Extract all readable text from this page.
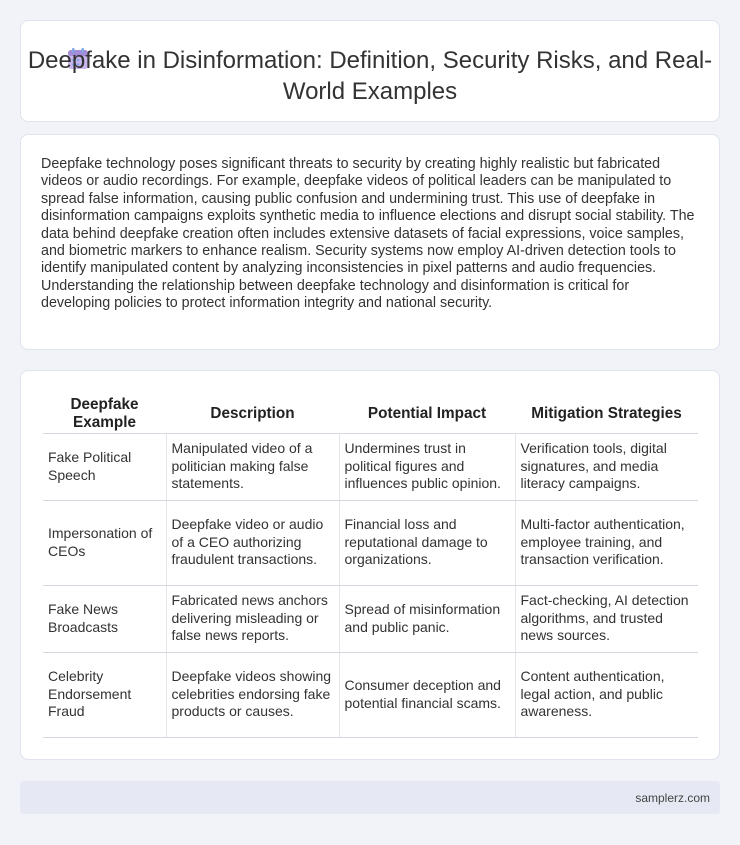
Deepfake in Disinformation: Definition, Security Risks, and Real-World Examples

Deepfake technology poses significant threats to security by creating highly realistic but fabricated videos or audio recordings. For example, deepfake videos of political leaders can be manipulated to spread false information, causing public confusion and undermining trust. This use of deepfake in disinformation campaigns exploits synthetic media to influence elections and disrupt social stability. The data behind deepfake creation often includes extensive datasets of facial expressions, voice samples, and biometric markers to enhance realism. Security systems now employ AI-driven detection tools to identify manipulated content by analyzing inconsistencies in pixel patterns and audio frequencies. Understanding the relationship between deepfake technology and disinformation is critical for developing policies to protect information integrity and national security.

Deepfake Example	Description	Potential Impact	Mitigation Strategies
Fake Political Speech	Manipulated video of a politician making false statements.	Undermines trust in political figures and influences public opinion.	Verification tools, digital signatures, and media literacy campaigns.
Impersonation of CEOs	Deepfake video or audio of a CEO authorizing fraudulent transactions.	Financial loss and reputational damage to organizations.	Multi-factor authentication, employee training, and transaction verification.
Fake News Broadcasts	Fabricated news anchors delivering misleading or false news reports.	Spread of misinformation and public panic.	Fact-checking, AI detection algorithms, and trusted news sources.
Celebrity Endorsement Fraud	Deepfake videos showing celebrities endorsing fake products or causes.	Consumer deception and potential financial scams.	Content authentication, legal action, and public awareness.
samplerz.com
